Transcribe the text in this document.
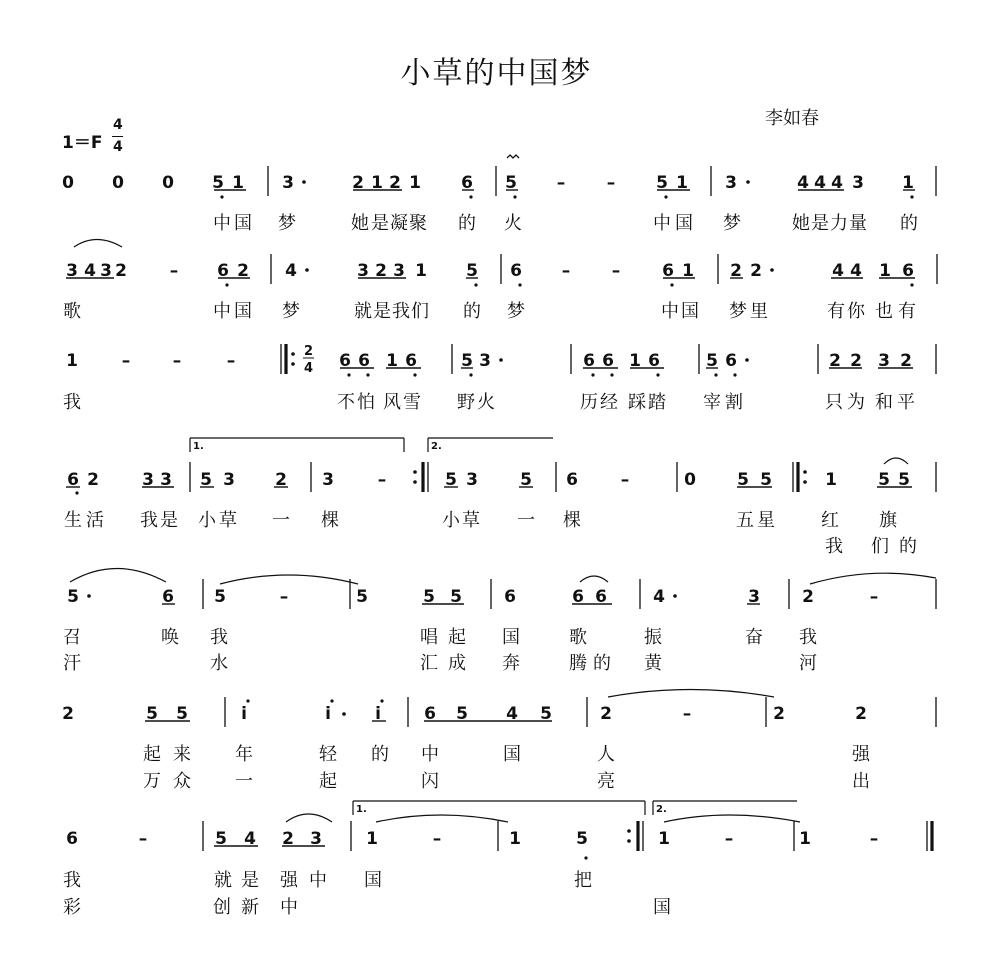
小草的中国梦
李如春
1＝F
4
4
1.	2.
1.	2.
2
4
0 0 0 5 1 3	2 1 2 1 6 5 – – 5 1 3	4 4 4 3 1
3 4 3 2	– 6 2 4	3 2 3 1 5 6 – – 6 1 2 2	4 4 1 6
1	–	–	–	6 6 1 6	5 3	6 6 1 6	5 6	2 2 3 2
6 2	3 3 5 3 2 3	–	5 3 5 6	–	0 5 5	1 5 5
5	6 5	–	5	5 5 6	6 6	4	3 2	–
2	5 5	i	i	i	6 5 4 5	2	–	2	2
6	–	5 4 2 3	1	–	1	5	1	–	1	–
中 国 梦	她 是 凝 聚 的 火	中 国 梦	她 是 力 量 的
歌	中 国 梦	就 是 我 们 的 梦	中 国 梦 里	有 你 也 有
我	不 怕 风 雪 野 火	历 经 踩 踏 宰 割	只 为 和 平
生 活 我 是 小 草 一 棵	小 草 一 棵	五 星	红 旗
我 们 的
召	唤 我	唱 起 国	歌	振	奋 我
汗	水	汇 成 奔	腾 的 黄	河
起 来 年	轻 的 中	国	人	强
万 众 一	起	闪	亮	出
我	就 是 强 中 国	把
彩	创 新 中	国
